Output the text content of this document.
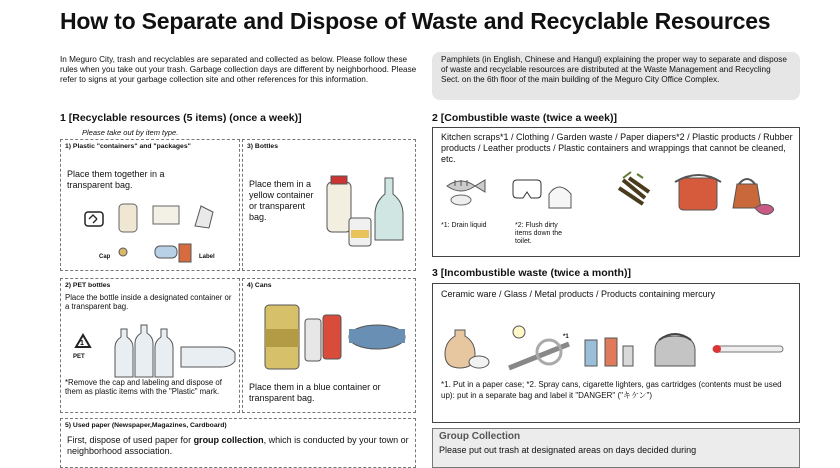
How to Separate and Dispose of Waste and Recyclable Resources
In Meguro City, trash and recyclables are separated and collected as below. Please follow these rules when you take out your trash. Garbage collection days are different by neighborhood. Please refer to signs at your garbage collection site and other references for this information.
Pamphlets (in English, Chinese and Hangul) explaining the proper way to separate and dispose of waste and recyclable resources are distributed at the Waste Management and Recycling Sect. on the 6th floor of the main building of the Meguro City Office Complex.
1 [Recyclable resources (5 items) (once a week)]
Please take out by item type.
1) Plastic "containers" and "packages"
Place them together in a transparent bag.
Cap	Label
3) Bottles
Place them in a yellow container or transparent bag.
2) PET bottles
Place the bottle inside a designated container or a transparent bag.
1
PET
*Remove the cap and labeling and dispose of them as plastic items with the "Plastic" mark.
4) Cans
Place them in a blue container or transparent bag.
5) Used paper (Newspaper,Magazines, Cardboard)
First, dispose of used paper for group collection, which is conducted by your town or neighborhood association.
2 [Combustible waste (twice a week)]
Kitchen scraps*1 / Clothing / Garden waste / Paper diapers*2 / Plastic products / Rubber products / Leather products / Plastic containers and wrappings that cannot be cleaned, etc.
*1: Drain liquid	*2: Flush dirty items down the toilet.
3 [Incombustible waste (twice a month)]
Ceramic ware / Glass / Metal products / Products containing mercury
*1
*1. Put in a paper case; *2. Spray cans, cigarette lighters, gas cartridges (contents must be used up): put in a separate bag and label it "DANGER" ("キケン")
Group Collection
Please put out trash at designated areas on days decided during
